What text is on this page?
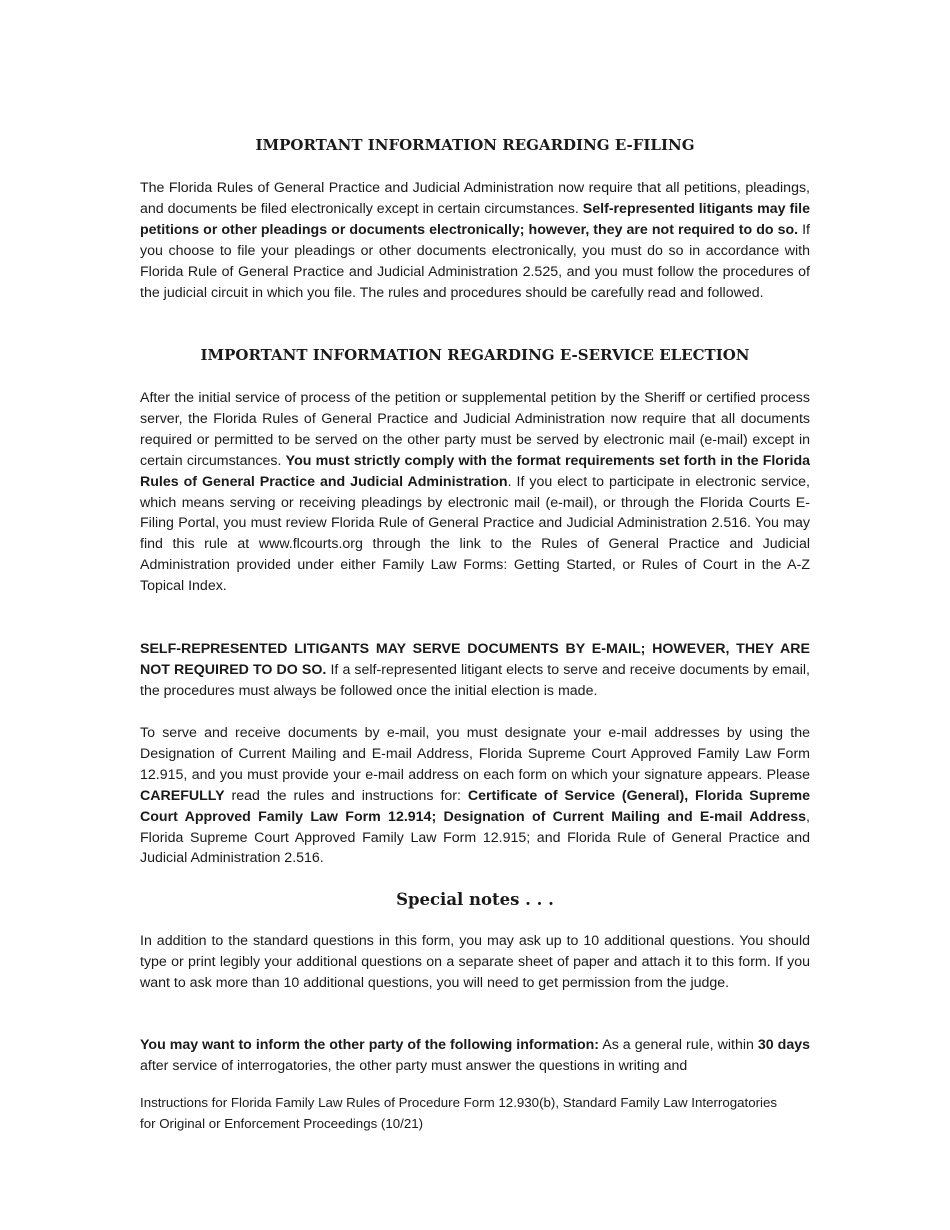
IMPORTANT INFORMATION REGARDING E-FILING

The Florida Rules of General Practice and Judicial Administration now require that all petitions, pleadings, and documents be filed electronically except in certain circumstances. Self-represented litigants may file petitions or other pleadings or documents electronically; however, they are not required to do so. If you choose to file your pleadings or other documents electronically, you must do so in accordance with Florida Rule of General Practice and Judicial Administration 2.525, and you must follow the procedures of the judicial circuit in which you file. The rules and procedures should be carefully read and followed.

IMPORTANT INFORMATION REGARDING E-SERVICE ELECTION

After the initial service of process of the petition or supplemental petition by the Sheriff or certified process server, the Florida Rules of General Practice and Judicial Administration now require that all documents required or permitted to be served on the other party must be served by electronic mail (e-mail) except in certain circumstances. You must strictly comply with the format requirements set forth in the Florida Rules of General Practice and Judicial Administration. If you elect to participate in electronic service, which means serving or receiving pleadings by electronic mail (e-mail), or through the Florida Courts E-Filing Portal, you must review Florida Rule of General Practice and Judicial Administration 2.516. You may find this rule at www.flcourts.org through the link to the Rules of General Practice and Judicial Administration provided under either Family Law Forms: Getting Started, or Rules of Court in the A-Z Topical Index.

SELF-REPRESENTED LITIGANTS MAY SERVE DOCUMENTS BY E-MAIL; HOWEVER, THEY ARE NOT REQUIRED TO DO SO. If a self-represented litigant elects to serve and receive documents by email, the procedures must always be followed once the initial election is made.

To serve and receive documents by e-mail, you must designate your e-mail addresses by using the Designation of Current Mailing and E-mail Address, Florida Supreme Court Approved Family Law Form 12.915, and you must provide your e-mail address on each form on which your signature appears. Please CAREFULLY read the rules and instructions for: Certificate of Service (General), Florida Supreme Court Approved Family Law Form 12.914; Designation of Current Mailing and E-mail Address, Florida Supreme Court Approved Family Law Form 12.915; and Florida Rule of General Practice and Judicial Administration 2.516.

Special notes . . .

In addition to the standard questions in this form, you may ask up to 10 additional questions. You should type or print legibly your additional questions on a separate sheet of paper and attach it to this form. If you want to ask more than 10 additional questions, you will need to get permission from the judge.

You may want to inform the other party of the following information: As a general rule, within 30 days after service of interrogatories, the other party must answer the questions in writing and

Instructions for Florida Family Law Rules of Procedure Form 12.930(b), Standard Family Law Interrogatories
for Original or Enforcement Proceedings (10/21)
